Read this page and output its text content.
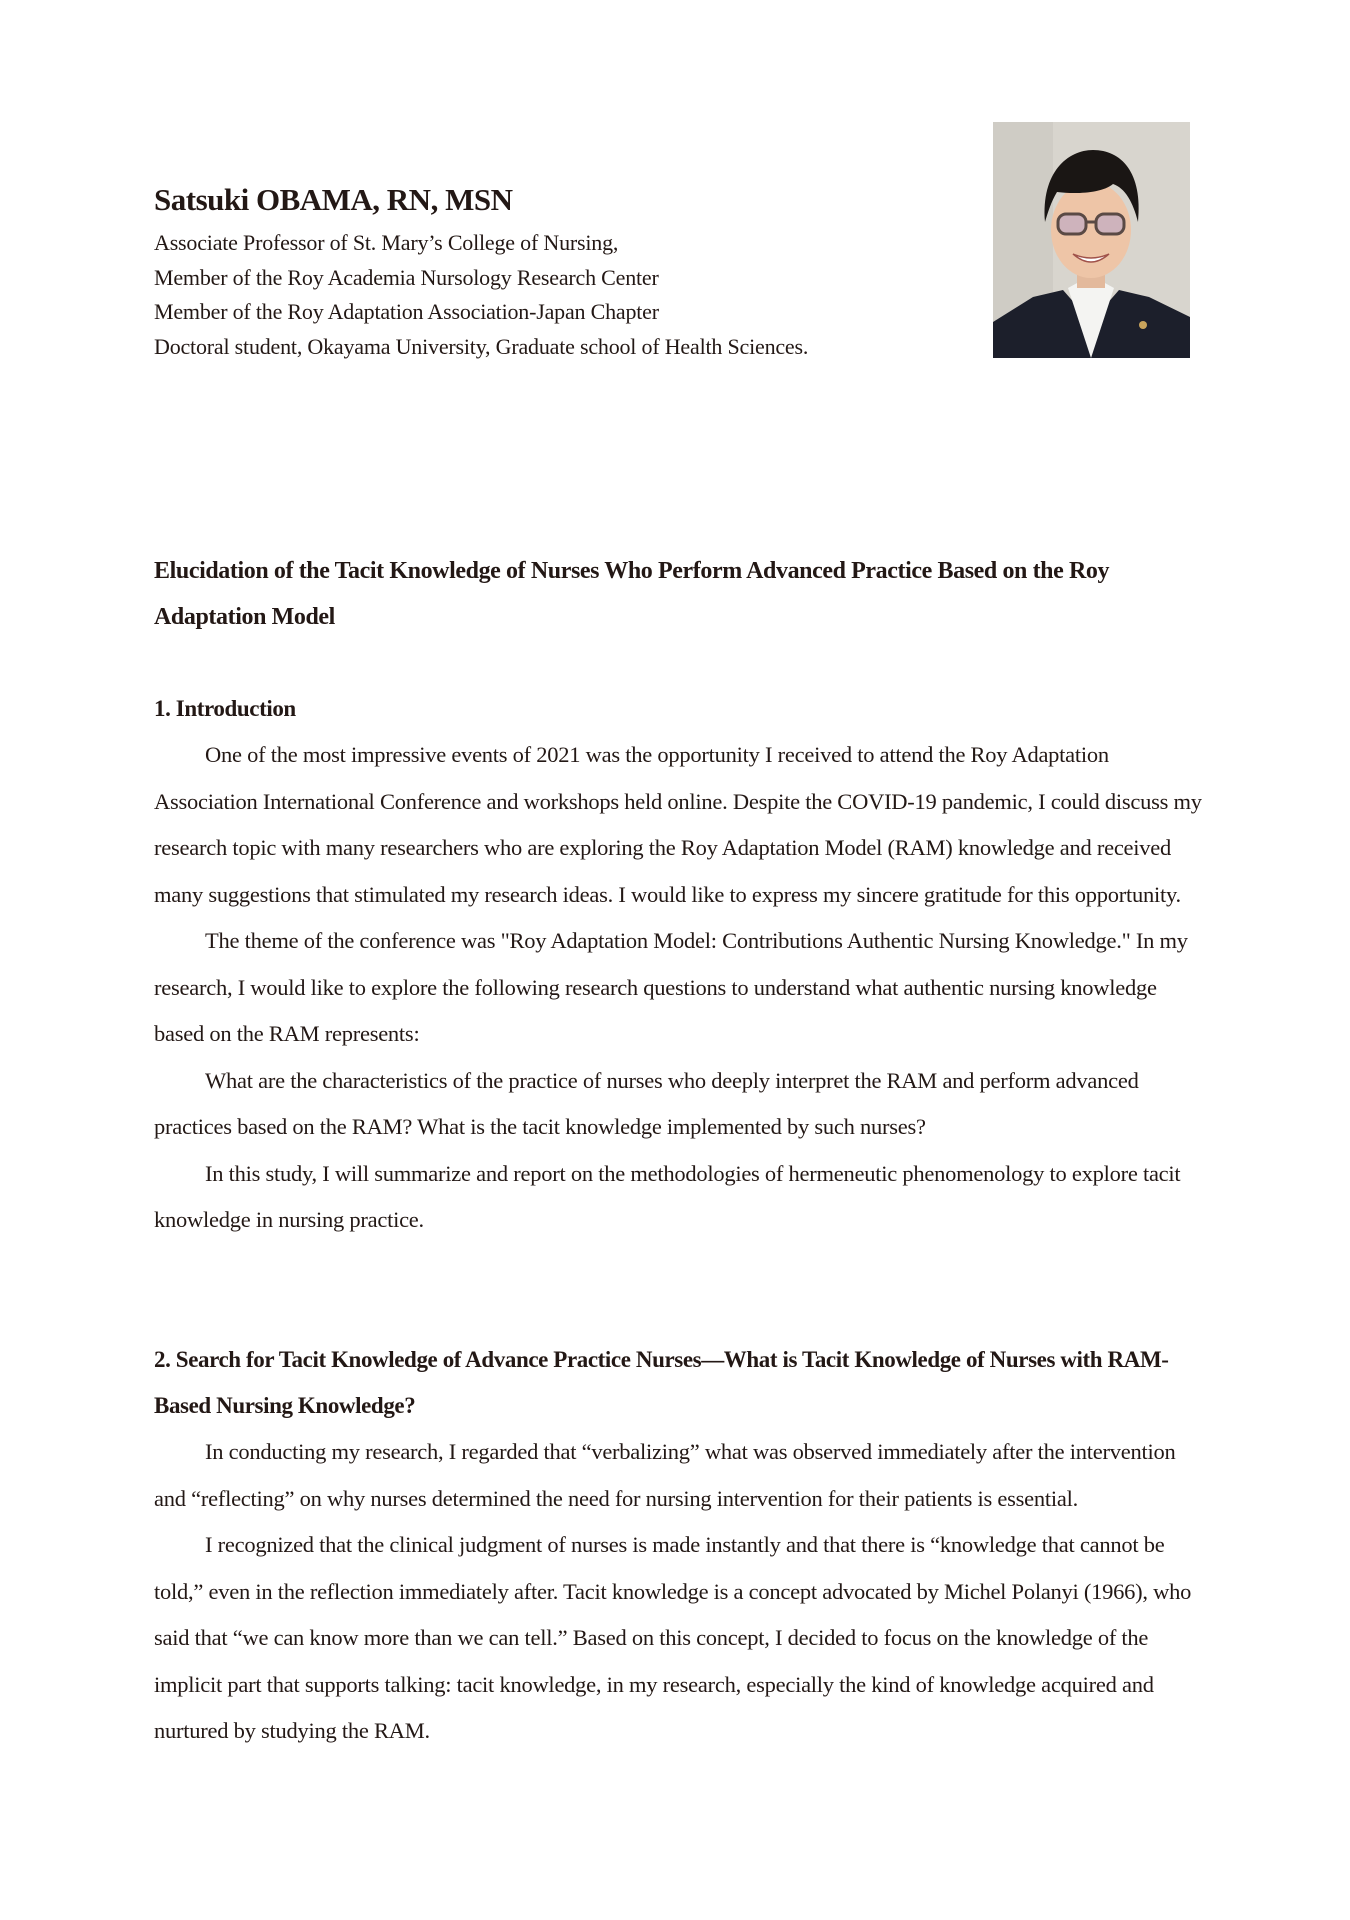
Satsuki OBAMA, RN, MSN
Associate Professor of St. Mary’s College of Nursing,
Member of the Roy Academia Nursology Research Center
Member of the Roy Adaptation Association-Japan Chapter
Doctoral student, Okayama University, Graduate school of Health Sciences.
Elucidation of the Tacit Knowledge of Nurses Who Perform Advanced Practice Based on the Roy Adaptation Model
1. Introduction

One of the most impressive events of 2021 was the opportunity I received to attend the Roy Adaptation Association International Conference and workshops held online. Despite the COVID-19 pandemic, I could discuss my research topic with many researchers who are exploring the Roy Adaptation Model (RAM) knowledge and received many suggestions that stimulated my research ideas. I would like to express my sincere gratitude for this opportunity.

The theme of the conference was "Roy Adaptation Model: Contributions Authentic Nursing Knowledge." In my research, I would like to explore the following research questions to understand what authentic nursing knowledge based on the RAM represents:

What are the characteristics of the practice of nurses who deeply interpret the RAM and perform advanced practices based on the RAM? What is the tacit knowledge implemented by such nurses?

In this study, I will summarize and report on the methodologies of hermeneutic phenomenology to explore tacit knowledge in nursing practice.

2. Search for Tacit Knowledge of Advance Practice Nurses—What is Tacit Knowledge of Nurses with RAM-Based Nursing Knowledge?

In conducting my research, I regarded that “verbalizing” what was observed immediately after the intervention and “reflecting” on why nurses determined the need for nursing intervention for their patients is essential.

I recognized that the clinical judgment of nurses is made instantly and that there is “knowledge that cannot be told,” even in the reflection immediately after. Tacit knowledge is a concept advocated by Michel Polanyi (1966), who said that “we can know more than we can tell.” Based on this concept, I decided to focus on the knowledge of the implicit part that supports talking: tacit knowledge, in my research, especially the kind of knowledge acquired and nurtured by studying the RAM.
